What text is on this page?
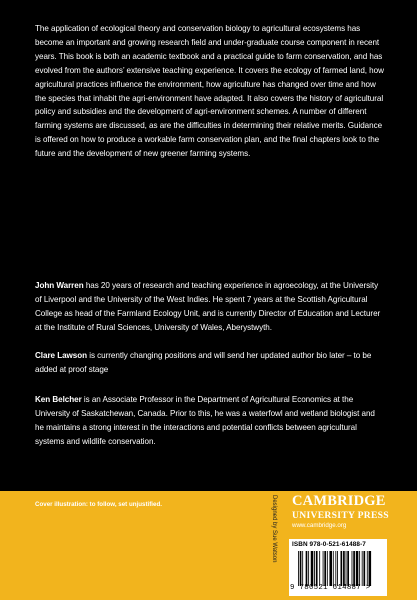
The application of ecological theory and conservation biology to agricultural ecosystems has become an important and growing research field and under-graduate course component in recent years. This book is both an academic textbook and a practical guide to farm conservation, and has evolved from the authors’ extensive teaching experience. It covers the ecology of farmed land, how agricultural practices influence the environment, how agriculture has changed over time and how the species that inhabit the agri-environment have adapted. It also covers the history of agricultural policy and subsidies and the development of agri-environment schemes. A number of different farming systems are discussed, as are the difficulties in determining their relative merits. Guidance is offered on how to produce a workable farm conservation plan, and the final chapters look to the future and the development of new greener farming systems.

John Warren has 20 years of research and teaching experience in agroecology, at the University of Liverpool and the University of the West Indies. He spent 7 years at the Scottish Agricultural College as head of the Farmland Ecology Unit, and is currently Director of Education and Lecturer at the Institute of Rural Sciences, University of Wales, Aberystwyth.

Clare Lawson is currently changing positions and will send her updated author bio later – to be added at proof stage

Ken Belcher is an Associate Professor in the Department of Agricultural Economics at the University of Saskatchewan, Canada. Prior to this, he was a waterfowl and wetland biologist and he maintains a strong interest in the interactions and potential conflicts between agricultural systems and wildlife conservation.

Cover illustration: to follow, set unjustified.	Designed by Sue Watson CAMBRIDGE
UNIVERSITY PRESS
www.cambridge.org
ISBN 978-0-521-61488-7
9 780521 614887 >
